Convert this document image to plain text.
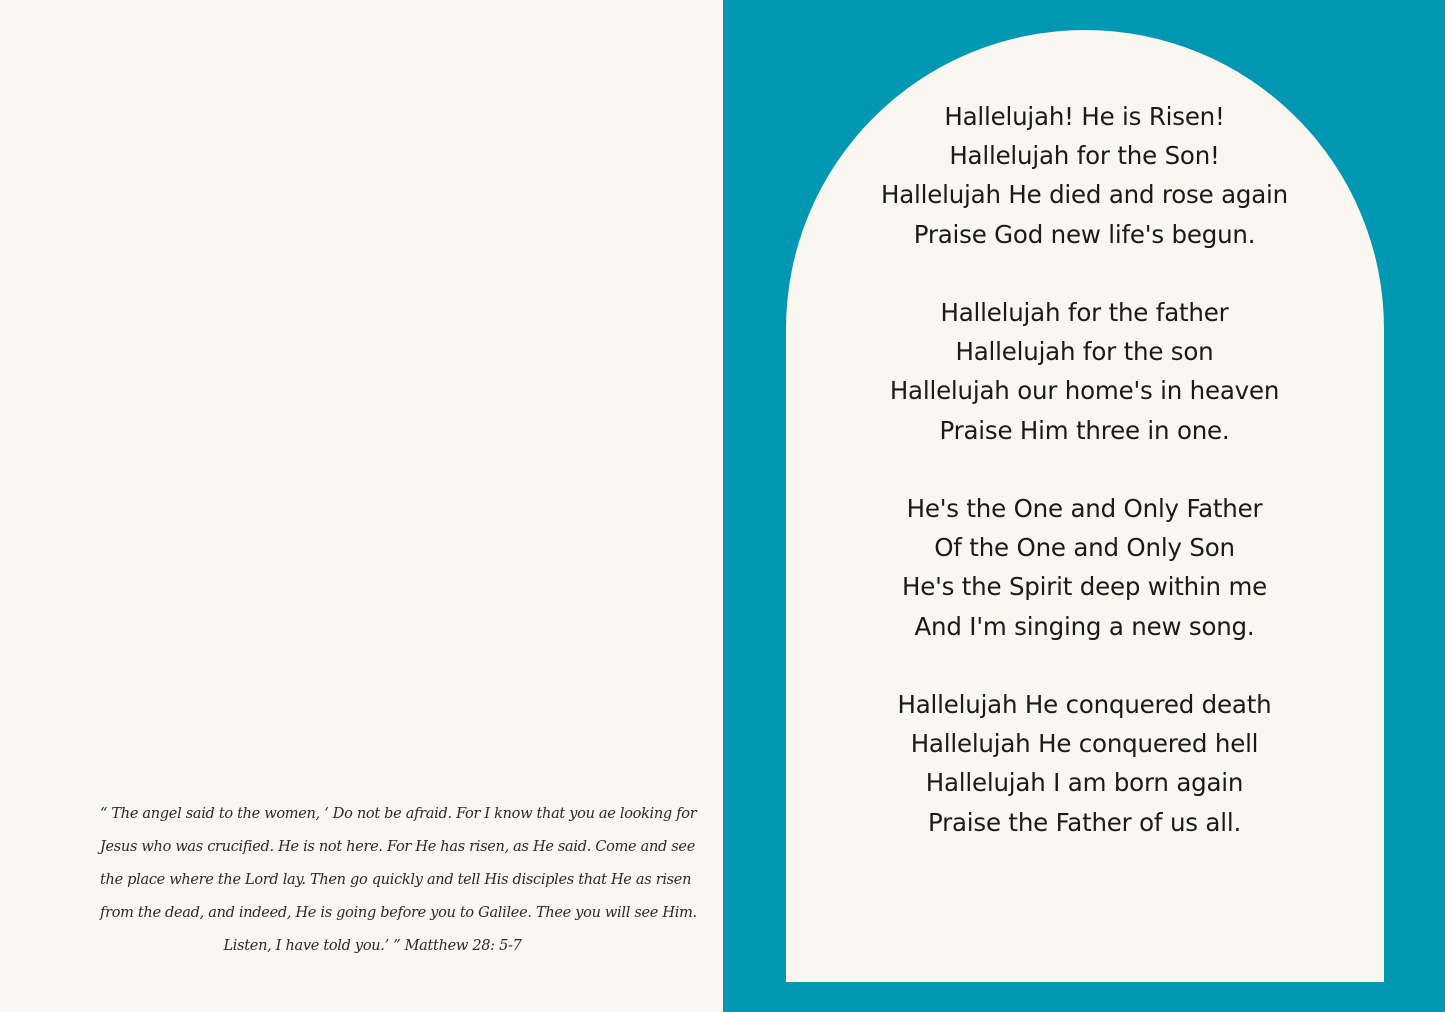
“ The angel said to the women, ‘ Do not be afraid. For I know that you ae looking for
Jesus who was crucified. He is not here. For He has risen, as He said. Come and see
the place where the Lord lay. Then go quickly and tell His disciples that He as risen
from the dead, and indeed, He is going before you to Galilee. Thee you will see Him.
Listen, I have told you.’ ” Matthew 28: 5-7
Hallelujah! He is Risen!
Hallelujah for the Son!
Hallelujah He died and rose again
Praise God new life's begun.
Hallelujah for the father
Hallelujah for the son
Hallelujah our home's in heaven
Praise Him three in one.
He's the One and Only Father
Of the One and Only Son
He's the Spirit deep within me
And I'm singing a new song.
Hallelujah He conquered death
Hallelujah He conquered hell
Hallelujah I am born again
Praise the Father of us all.
